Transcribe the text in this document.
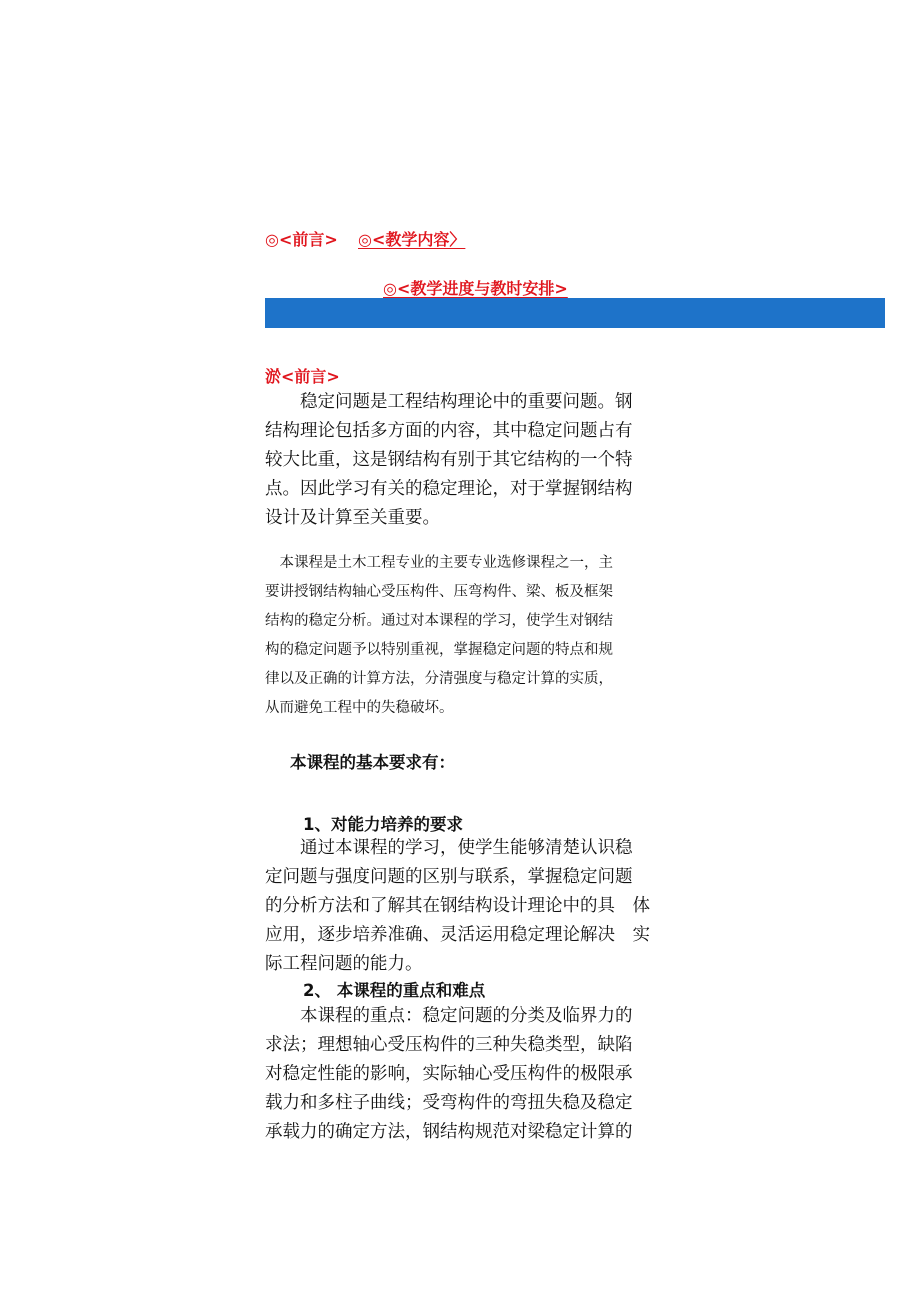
◎<前言> ◎<教学内容〉
◎<教学进度与教时安排>
淤<前言>
　　稳定问题是工程结构理论中的重要问题。钢
结构理论包括多方面的内容，其中稳定问题占有
较大比重，这是钢结构有别于其它结构的一个特
点。因此学习有关的稳定理论，对于掌握钢结构
设计及计算至关重要。
　本课程是土木工程专业的主要专业选修课程之一，主
要讲授钢结构轴心受压构件、压弯构件、梁、板及框架
结构的稳定分析。通过对本课程的学习，使学生对钢结
构的稳定问题予以特别重视，掌握稳定问题的特点和规
律以及正确的计算方法，分清强度与稳定计算的实质，
从而避免工程中的失稳破坏。
本课程的基本要求有：
1、对能力培养的要求
　　通过本课程的学习，使学生能够清楚认识稳
定问题与强度问题的区别与联系，掌握稳定问题
的分析方法和了解其在钢结构设计理论中的具　体
应用，逐步培养准确、灵活运用稳定理论解决　实
际工程问题的能力。
2、 本课程的重点和难点
　　本课程的重点：稳定问题的分类及临界力的
求法；理想轴心受压构件的三种失稳类型，缺陷
对稳定性能的影响，实际轴心受压构件的极限承
载力和多柱子曲线；受弯构件的弯扭失稳及稳定
承载力的确定方法，钢结构规范对梁稳定计算的
